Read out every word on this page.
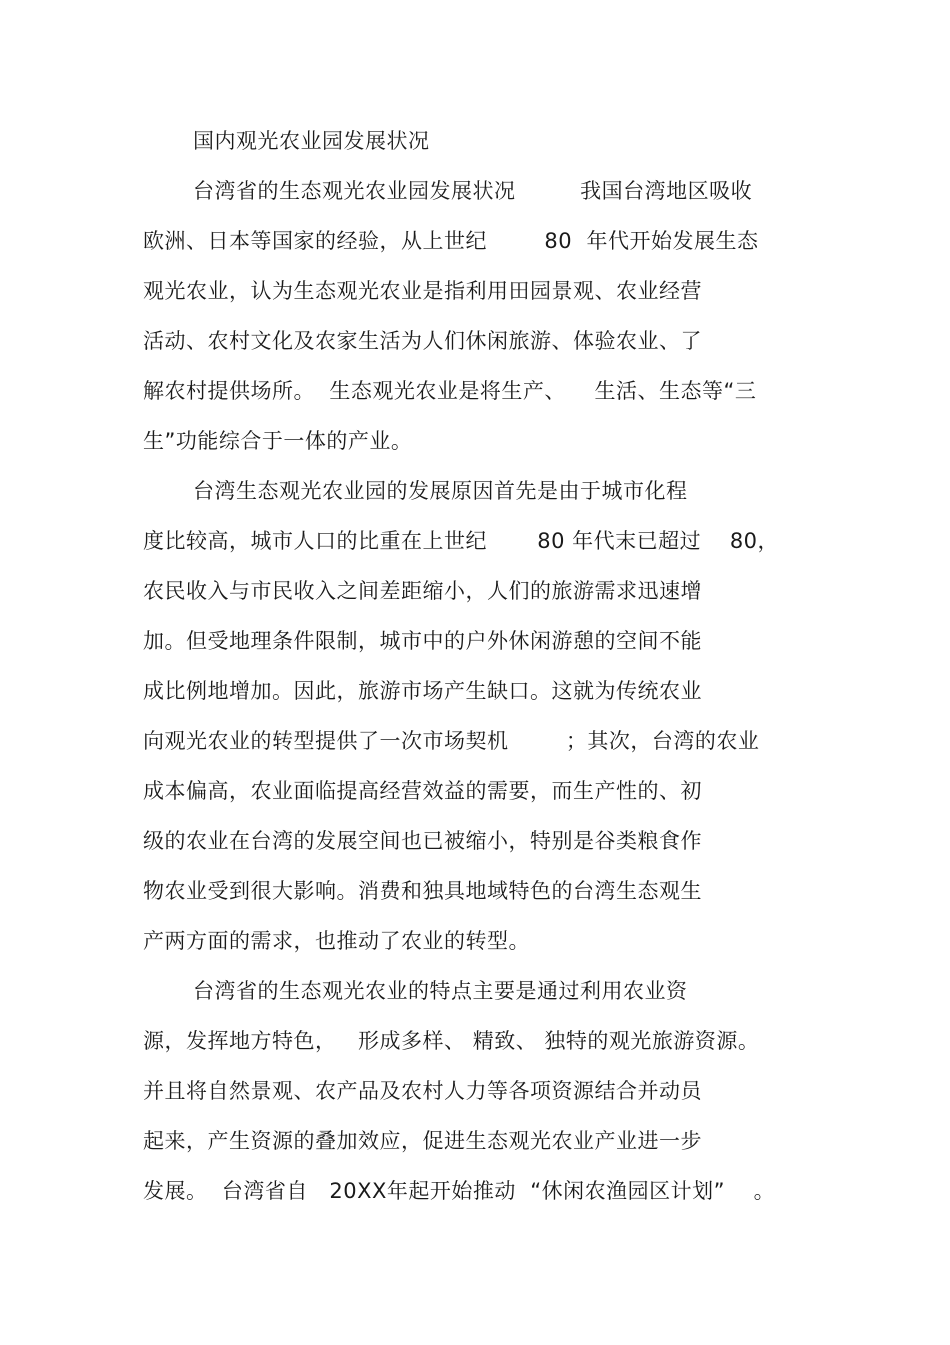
国内观光农业园发展状况
台湾省的生态观光农业园发展状况         我国台湾地区吸收
欧洲、日本等国家的经验，从上世纪        80  年代开始发展生态
观光农业，认为生态观光农业是指利用田园景观、农业经营
活动、农村文化及农家生活为人们休闲旅游、体验农业、了
解农村提供场所。  生态观光农业是将生产、    生活、生态等“三
生”功能综合于一体的产业。
台湾生态观光农业园的发展原因首先是由于城市化程
度比较高，城市人口的比重在上世纪       80 年代末已超过    80，
农民收入与市民收入之间差距缩小，人们的旅游需求迅速增
加。但受地理条件限制，城市中的户外休闲游憩的空间不能
成比例地增加。因此，旅游市场产生缺口。这就为传统农业
向观光农业的转型提供了一次市场契机        ；其次，台湾的农业
成本偏高，农业面临提高经营效益的需要，而生产性的、初
级的农业在台湾的发展空间也已被缩小，特别是谷类粮食作
物农业受到很大影响。消费和独具地域特色的台湾生态观生
产两方面的需求，也推动了农业的转型。
台湾省的生态观光农业的特点主要是通过利用农业资
源，发挥地方特色，   形成多样、 精致、 独特的观光旅游资源。
并且将自然景观、农产品及农村人力等各项资源结合并动员
起来，产生资源的叠加效应，促进生态观光农业产业进一步
发展。  台湾省自   20XX年起开始推动  “休闲农渔园区计划”    。
